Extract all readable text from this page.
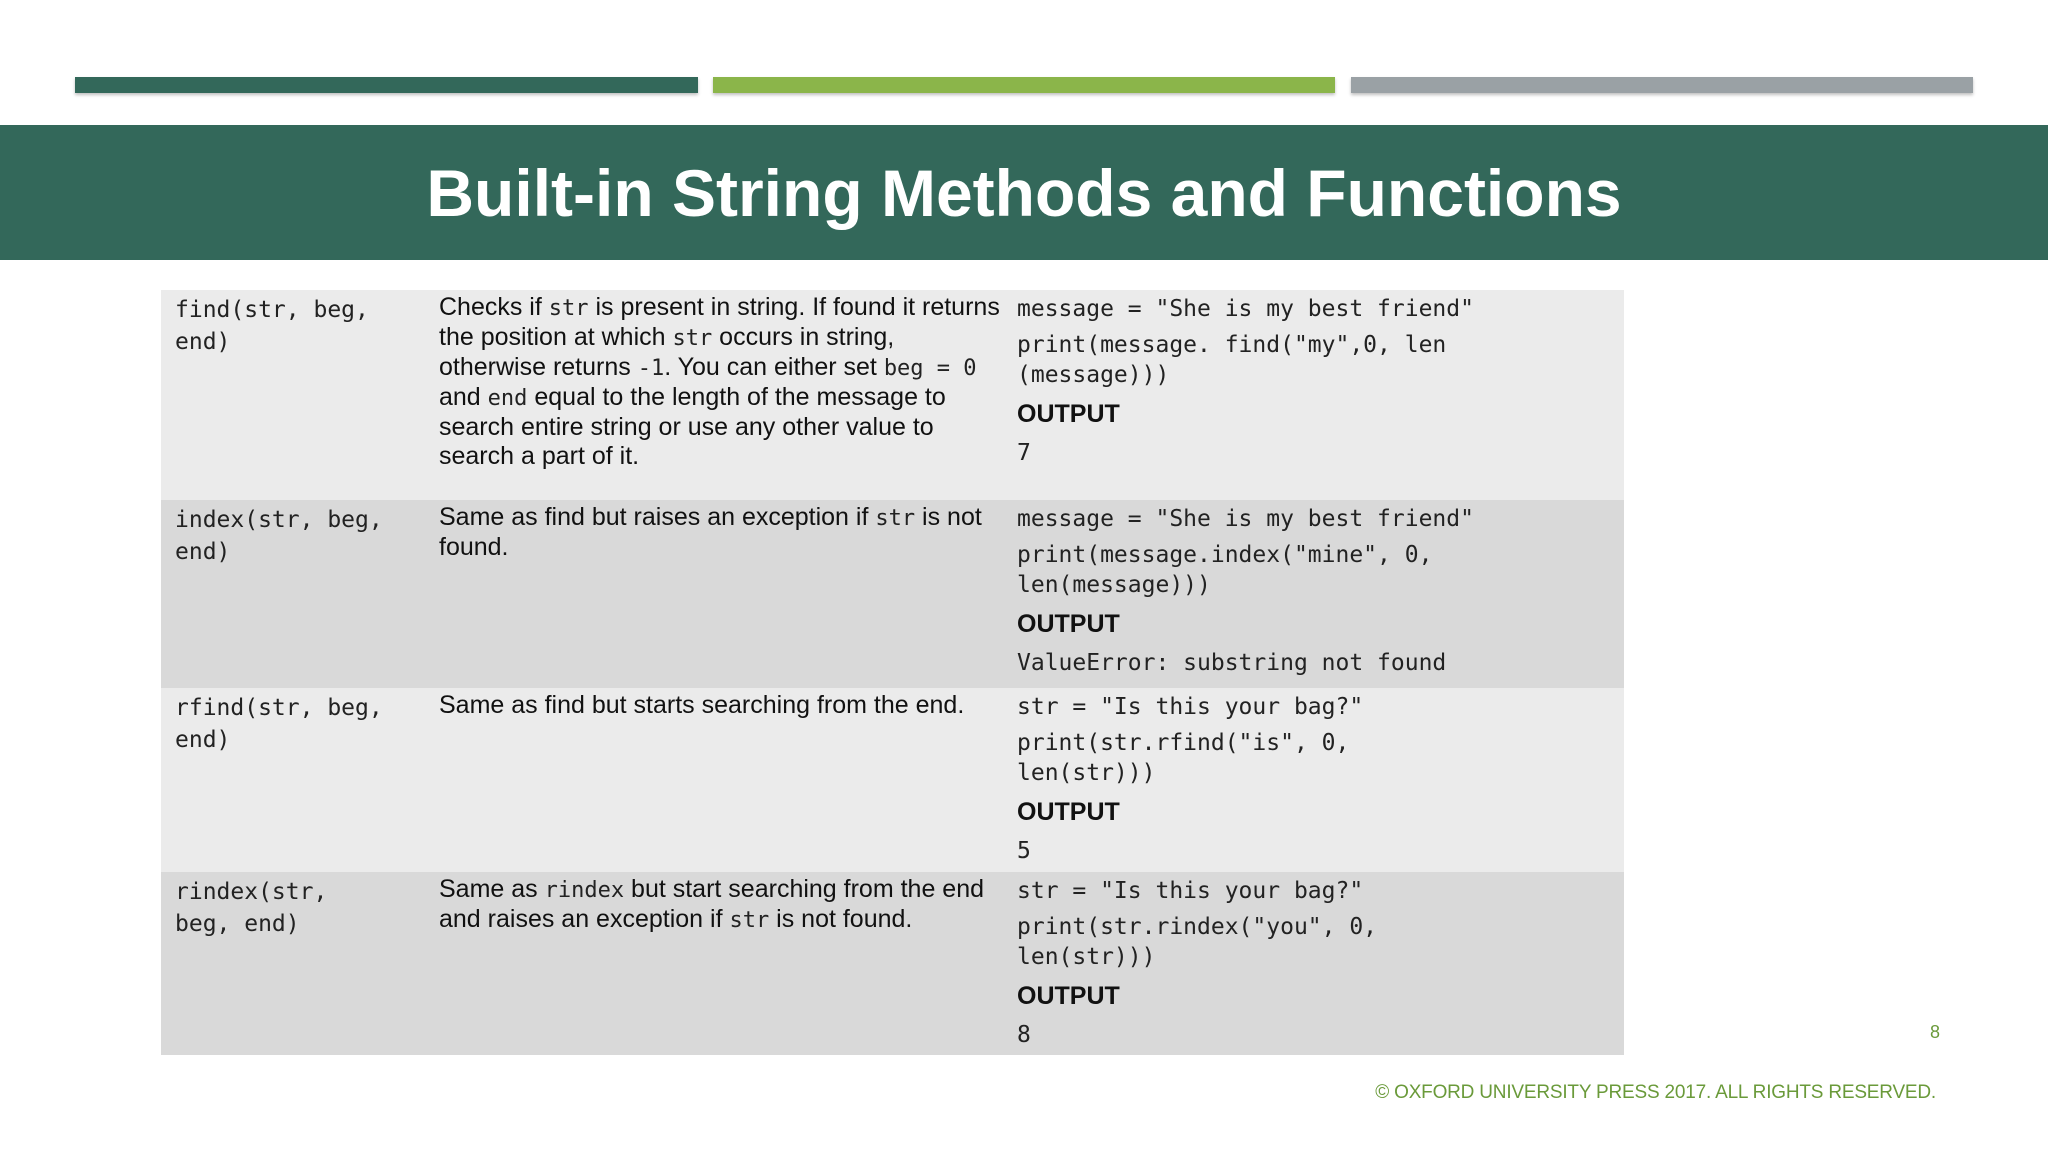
Built-in String Methods and Functions
find(str, beg,
end)
Checks if str is present in string. If found it returns the position at which str occurs in string, otherwise returns -1. You can either set beg = 0 and end equal to the length of the message to search entire string or use any other value to search a part of it.
message = "She is my best friend"
print(message. find("my",0, len
(message)))
OUTPUT
7
index(str, beg,
end)
Same as find but raises an exception if str is not found.
message = "She is my best friend"
print(message.index("mine", 0,
len(message)))
OUTPUT
ValueError: substring not found
rfind(str, beg,
end)
Same as find but starts searching from the end.	str = "Is this your bag?"
print(str.rfind("is", 0,
len(str)))
OUTPUT
5
rindex(str,
beg, end)
Same as rindex but start searching from the end and raises an exception if str is not found.
str = "Is this your bag?"
print(str.rindex("you", 0,
len(str)))
OUTPUT
8	8
© OXFORD UNIVERSITY PRESS 2017. ALL RIGHTS RESERVED.
